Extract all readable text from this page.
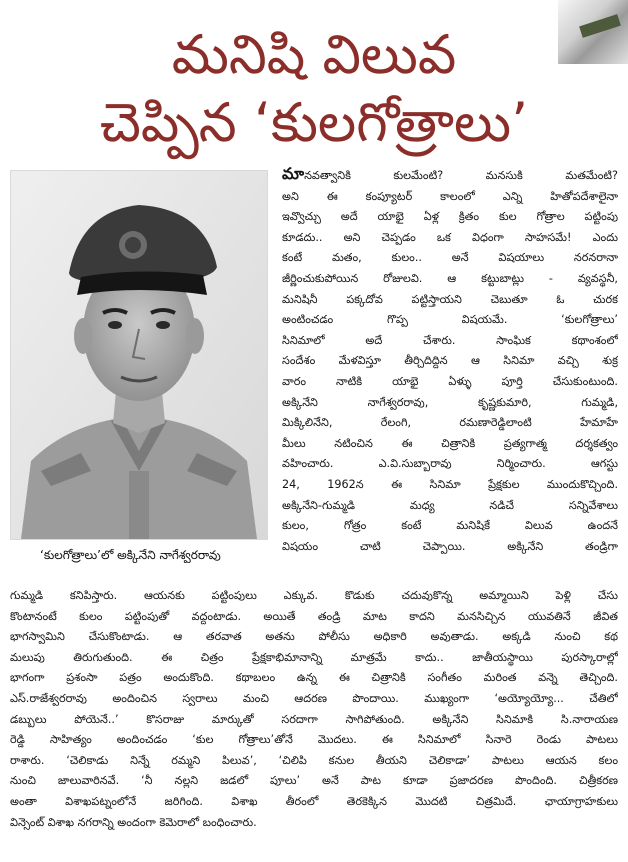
మనిషి విలువ
చెప్పిన ‘కులగోత్రాలు’
‘కులగోత్రాలు’లో అక్కినేని నాగేశ్వరరావు
మానవత్వానికి కులమేంటి? మనసుకి మతమేంటి?
అని ఈ కంప్యూటర్ కాలంలో ఎన్ని హితోపదేశాలైనా
ఇవ్వొచ్చు అదే యాభై ఏళ్ల క్రితం కుల గోత్రాల పట్టింపు
కూడదు.. అని చెప్పడం ఒక విధంగా సాహసమే! ఎందు
కంటే మతం, కులం.. అనే విషయాలు నరనరానా
జీర్ణించుకుపోయిన రోజులవి. ఆ కట్టుబాట్లు - వ్యవస్థనీ,
మనిషినీ పక్కదోవ పట్టిస్తాయని చెబుతూ ఓ చురక
అంటించడం గొప్ప విషయమే. ‘కులగోత్రాలు’
సినిమాలో అదే చేశారు. సాంఘిక కథాంశంలో
సందేశం మేళవిస్తూ తీర్చిదిద్దిన ఆ సినిమా వచ్చి శుక్ర
వారం నాటికి యాభై ఏళ్ళు పూర్తి చేసుకుంటుంది.
అక్కినేని నాగేశ్వరరావు, కృష్ణకుమారి, గుమ్మడి,
మిక్కిలినేని, రేలంగి, రమణారెడ్డిలాంటి హేమాహే
మీలు నటించిన ఈ చిత్రానికి ప్రత్యగాత్మ దర్శకత్వం
వహించారు. ఎ.వి.సుబ్బారావు నిర్మించారు. ఆగస్టు
24, 1962న ఈ సినిమా ప్రేక్షకుల ముందుకొచ్చింది.
అక్కినేని-గుమ్మడి మధ్య నడిచే సన్నివేశాలు
కులం, గోత్రం కంటే మనిషికే విలువ ఉందనే
విషయం చాటి చెప్పాయి. అక్కినేని తండ్రిగా
గుమ్మడి కనిపిస్తారు. ఆయనకు పట్టింపులు ఎక్కువ. కొడుకు చదువుకొన్న అమ్మాయిని పెళ్లి చేసు
కొంటానంటే కులం పట్టింపుతో వద్దంటాడు. అయితే తండ్రి మాట కాదని మనసిచ్చిన యువతినే జీవిత
భాగస్వామిని చేసుకొంటాడు. ఆ తరవాత అతను పోలీసు అధికారి అవుతాడు. అక్కడి నుంచి కథ
మలుపు తిరుగుతుంది. ఈ చిత్రం ప్రేక్షకాభిమానాన్ని మాత్రమే కాదు.. జాతీయస్థాయి పురస్కారాల్లో
భాగంగా ప్రశంసా పత్రం అందుకొంది. కథాబలం ఉన్న ఈ చిత్రానికి సంగీతం మరింత వన్నె తెచ్చింది.
ఎస్.రాజేశ్వరరావు అందించిన స్వరాలు మంచి ఆదరణ పొందాయి. ముఖ్యంగా ‘అయ్యోయ్యో... చేతిలో
డబ్బులు పోయెనే..’ కొసరాజు మార్కుతో సరదాగా సాగిపోతుంది. అక్కినేని సినిమాకి సి.నారాయణ
రెడ్డి సాహిత్యం అందించడం ‘కుల గోత్రాలు’తోనే మొదలు. ఈ సినిమాలో సినారె రెండు పాటలు
రాశారు. ‘చెలికాడు నిన్నే రమ్మని పిలువ’, ‘చిలిపి కనుల తీయని చెలికాడా’ పాటలు ఆయన కలం
నుంచి జాలువారినవే. ‘నీ నల్లని జడలో పూలు’ అనే పాట కూడా ప్రజాదరణ పొందింది. చిత్రీకరణ
అంతా విశాఖపట్నంలోనే జరిగింది. విశాఖ తీరంలో తెరకెక్కిన మొదటి చిత్రమిదే. ఛాయాగ్రాహకులు
విన్సెంట్ విశాఖ నగరాన్ని అందంగా కెమెరాలో బంధించారు.
